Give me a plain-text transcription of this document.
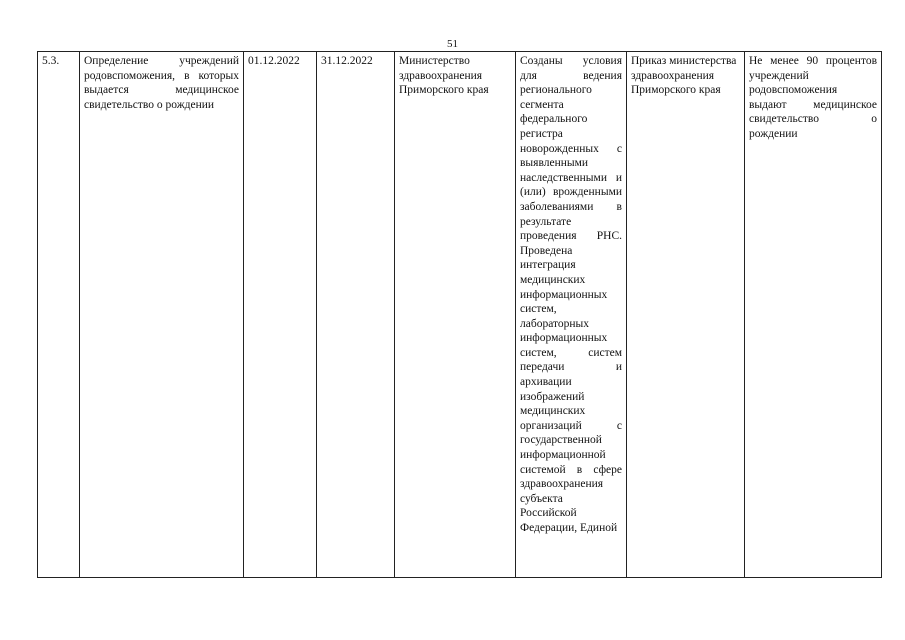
51
5.3.	Определение учреждений родовспоможения, в которых выдается медицинское свидетельство о рождении	01.12.2022	31.12.2022	Министерство здравоохранения Приморского края	Созданы условия для ведения регионального сегмента федерального регистра новорожденных с выявленными наследственными и (или) врожденными заболеваниями в результате проведения РНС. Проведена интеграция медицинских информационных систем, лабораторных информационных систем, систем передачи и архивации изображений медицинских организаций с государственной информационной системой в сфере здравоохранения субъекта Российской Федерации, Единой	Приказ министерства здравоохранения Приморского края	Не менее 90 процентов учреждений родовспоможения выдают медицинское свидетельство о рождении
